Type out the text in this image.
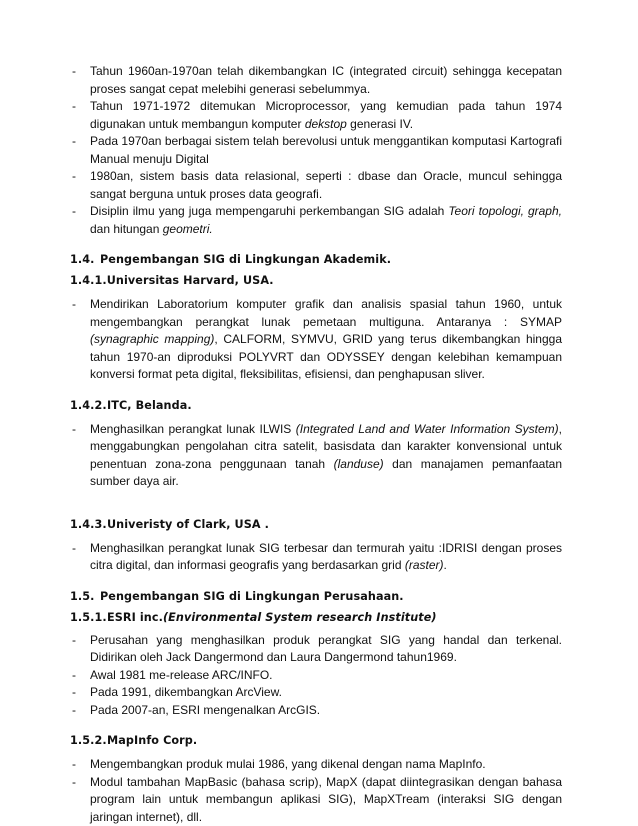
- Tahun 1960an-1970an telah dikembangkan IC (integrated circuit) sehingga kecepatan proses sangat cepat melebihi generasi sebelummya.
- Tahun 1971-1972 ditemukan Microprocessor, yang kemudian pada tahun 1974 digunakan untuk membangun komputer dekstop generasi IV.
- Pada 1970an berbagai sistem telah berevolusi untuk menggantikan komputasi Kartografi Manual menuju Digital
- 1980an, sistem basis data relasional, seperti : dbase dan Oracle, muncul sehingga sangat berguna untuk proses data geografi.
- Disiplin ilmu yang juga mempengaruhi perkembangan SIG adalah Teori topologi, graph, dan hitungan geometri.
1.4. Pengembangan SIG di Lingkungan Akademik.
1.4.1. Universitas Harvard, USA.
- Mendirikan Laboratorium komputer grafik dan analisis spasial tahun 1960, untuk mengembangkan perangkat lunak pemetaan multiguna. Antaranya : SYMAP (synagraphic mapping), CALFORM, SYMVU, GRID yang terus dikembangkan hingga tahun 1970-an diproduksi POLYVRT dan ODYSSEY dengan kelebihan kemampuan konversi format peta digital, fleksibilitas, efisiensi, dan penghapusan sliver.
1.4.2. ITC, Belanda.
- Menghasilkan perangkat lunak ILWIS (Integrated Land and Water Information System), menggabungkan pengolahan citra satelit, basisdata dan karakter konvensional untuk penentuan zona-zona penggunaan tanah (landuse) dan manajamen pemanfaatan sumber daya air.
1.4.3. Univeristy of Clark, USA .
- Menghasilkan perangkat lunak SIG terbesar dan termurah yaitu :IDRISI dengan proses citra digital, dan informasi geografis yang berdasarkan grid (raster).
1.5. Pengembangan SIG di Lingkungan Perusahaan.
1.5.1. ESRI inc. (Environmental System research Institute)
- Perusahan yang menghasilkan produk perangkat SIG yang handal dan terkenal. Didirikan oleh Jack Dangermond dan Laura Dangermond tahun1969.
- Awal 1981 me-release ARC/INFO.
- Pada 1991, dikembangkan ArcView.
- Pada 2007-an, ESRI mengenalkan ArcGIS.
1.5.2. MapInfo Corp.
- Mengembangkan produk mulai 1986, yang dikenal dengan nama MapInfo.
- Modul tambahan MapBasic (bahasa scrip), MapX (dapat diintegrasikan dengan bahasa program lain untuk membangun aplikasi SIG), MapXTream (interaksi SIG dengan jaringan internet), dll.
